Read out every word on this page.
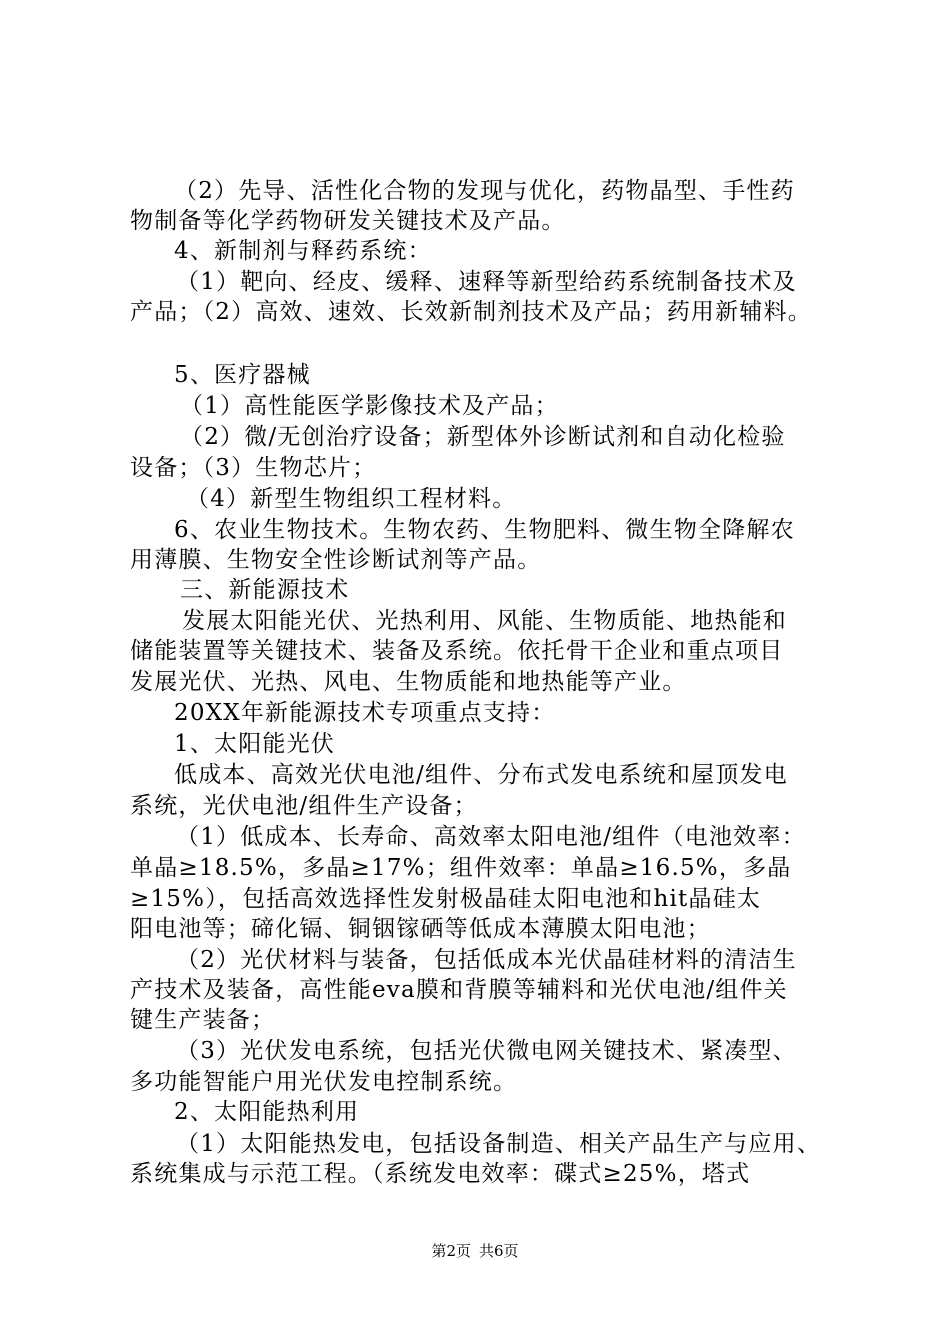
（2）先导、活性化合物的发现与优化，药物晶型、手性药
物制备等化学药物研发关键技术及产品。
4、新制剂与释药系统：
（1）靶向、经皮、缓释、速释等新型给药系统制备技术及
产品；（2）高效、速效、长效新制剂技术及产品；药用新辅料。
5、医疗器械
（1）高性能医学影像技术及产品；
（2）微/无创治疗设备；新型体外诊断试剂和自动化检验
设备；（3）生物芯片；
（4）新型生物组织工程材料。
6、农业生物技术。生物农药、生物肥料、微生物全降解农
用薄膜、生物安全性诊断试剂等产品。
三、新能源技术
发展太阳能光伏、光热利用、风能、生物质能、地热能和
储能装置等关键技术、装备及系统。依托骨干企业和重点项目
发展光伏、光热、风电、生物质能和地热能等产业。
20XX年新能源技术专项重点支持：
1、太阳能光伏
低成本、高效光伏电池/组件、分布式发电系统和屋顶发电
系统，光伏电池/组件生产设备；
（1）低成本、长寿命、高效率太阳电池/组件（电池效率：
单晶≥18.5%，多晶≥17%；组件效率：单晶≥16.5%，多晶
≥15%），包括高效选择性发射极晶硅太阳电池和hit晶硅太
阳电池等；碲化镉、铜铟镓硒等低成本薄膜太阳电池；
（2）光伏材料与装备，包括低成本光伏晶硅材料的清洁生
产技术及装备，高性能eva膜和背膜等辅料和光伏电池/组件关
键生产装备；
（3）光伏发电系统，包括光伏微电网关键技术、紧凑型、
多功能智能户用光伏发电控制系统。
2、太阳能热利用
（1）太阳能热发电，包括设备制造、相关产品生产与应用、
系统集成与示范工程。（系统发电效率：碟式≥25%，塔式
第2页 共6页
